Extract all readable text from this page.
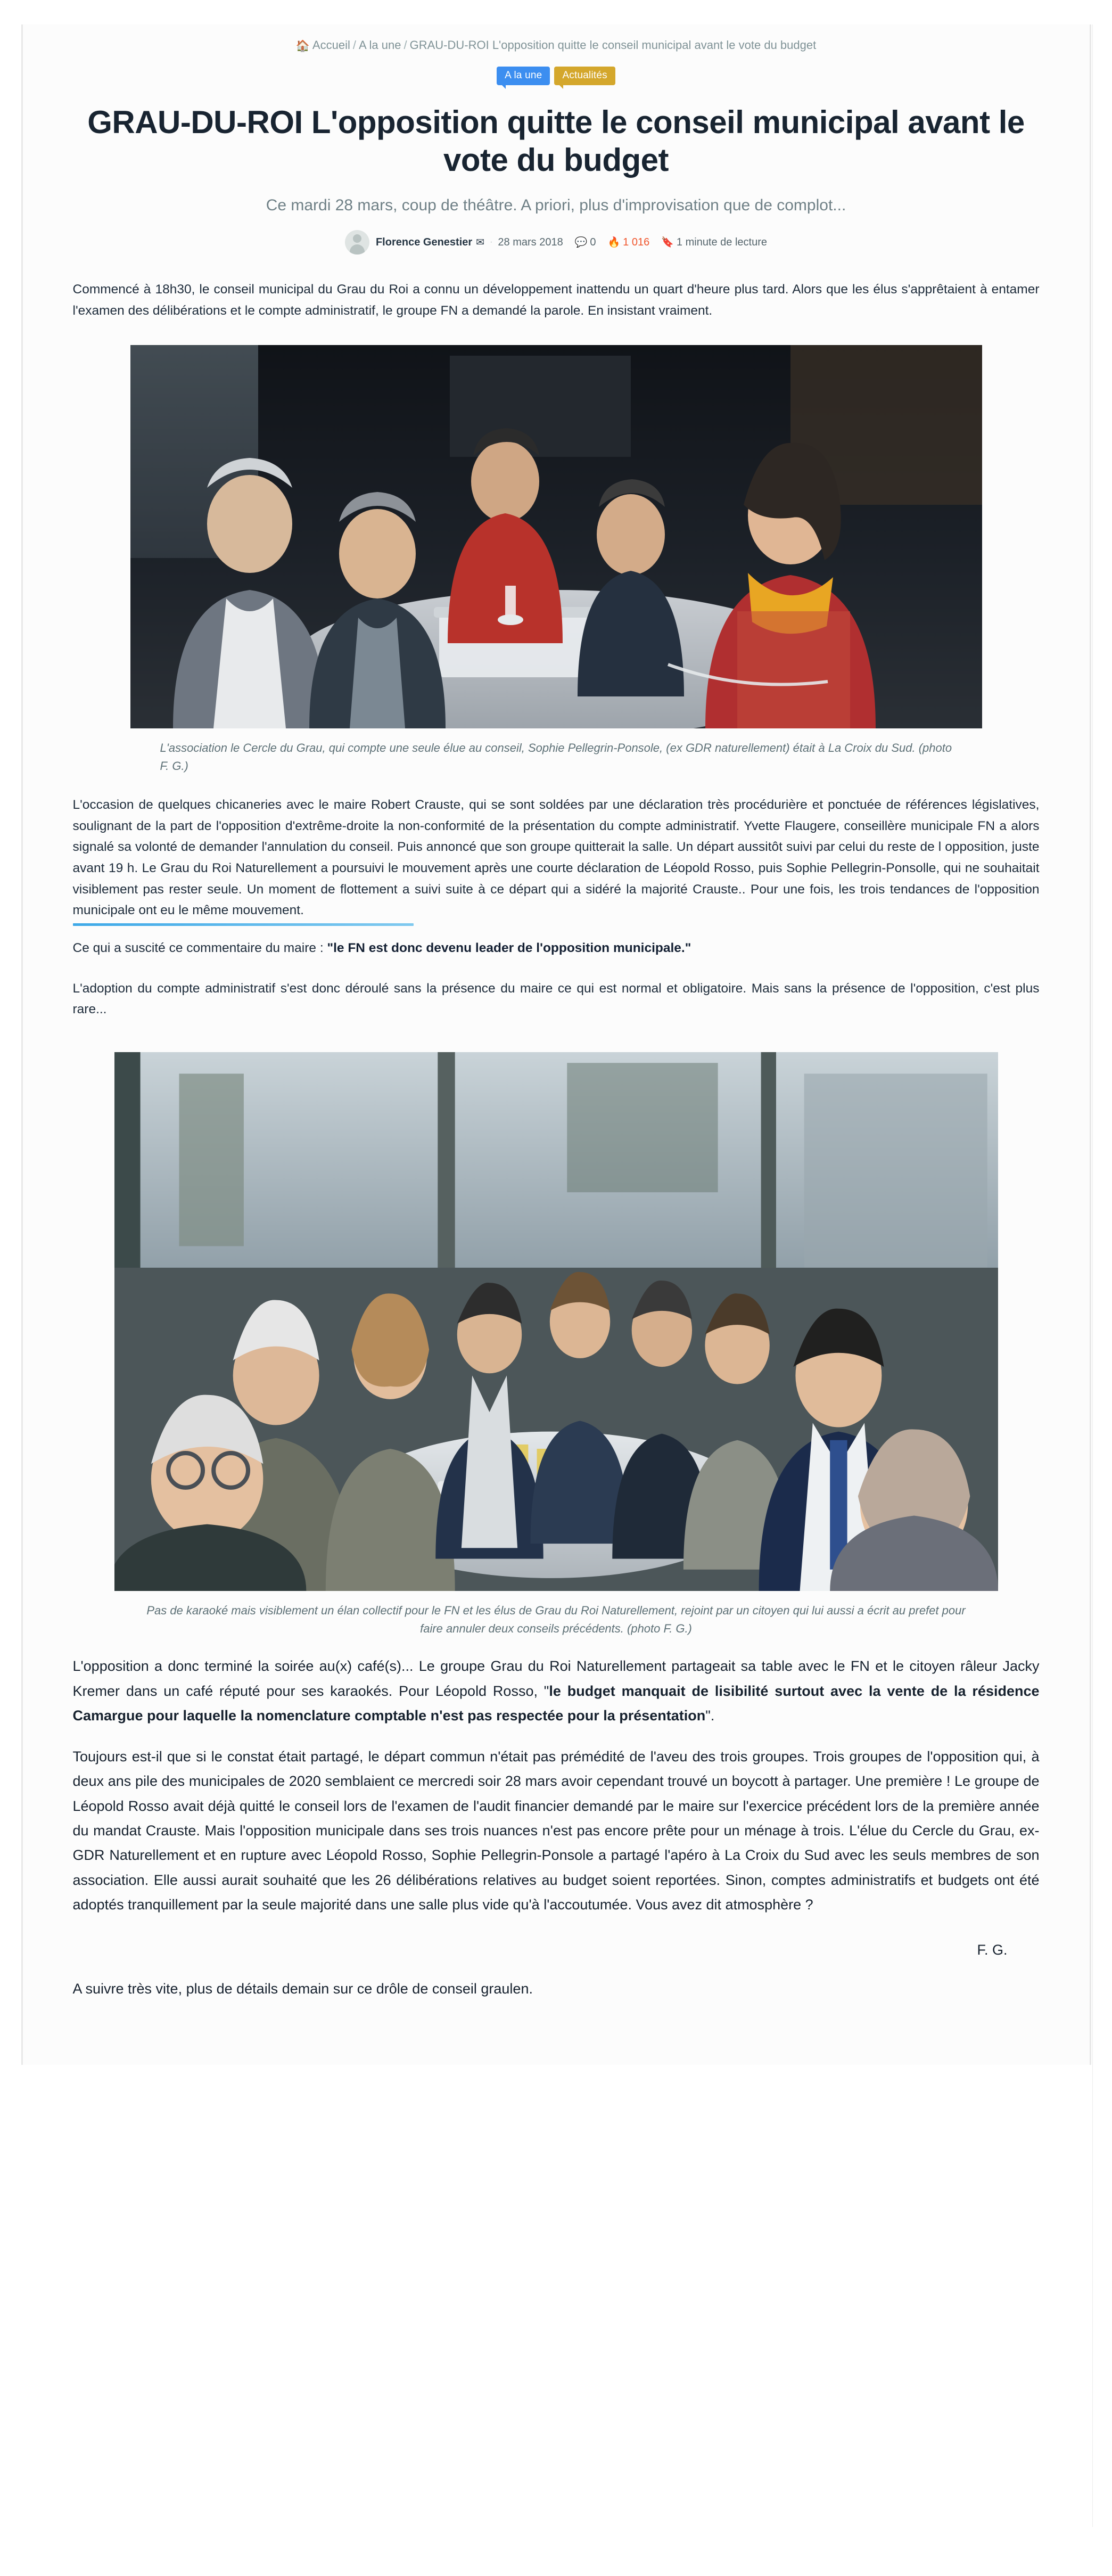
🏠 Accueil / A la une / GRAU-DU-ROI L'opposition quitte le conseil municipal avant le vote du budget
A la une Actualités
GRAU-DU-ROI L'opposition quitte le conseil municipal avant le vote du budget

Ce mardi 28 mars, coup de théâtre. A priori, plus d'improvisation que de complot...

Florence Genestier ✉ · 28 mars 2018 💬 0 🔥 1 016 🔖 1 minute de lecture

Commencé à 18h30, le conseil municipal du Grau du Roi a connu un développement inattendu un quart d'heure plus tard. Alors que les élus s'apprêtaient à entamer l'examen des délibérations et le compte administratif, le groupe FN a demandé la parole. En insistant vraiment.

L'association le Cercle du Grau, qui compte une seule élue au conseil, Sophie Pellegrin-Ponsole, (ex GDR naturellement) était à La Croix du Sud. (photo F. G.)

L'occasion de quelques chicaneries avec le maire Robert Crauste, qui se sont soldées par une déclaration très procédurière et ponctuée de références législatives, soulignant de la part de l'opposition d'extrême-droite la non-conformité de la présentation du compte administratif. Yvette Flaugere, conseillère municipale FN a alors signalé sa volonté de demander l'annulation du conseil. Puis annoncé que son groupe quitterait la salle. Un départ aussitôt suivi par celui du reste de l opposition, juste avant 19 h. Le Grau du Roi Naturellement a poursuivi le mouvement après une courte déclaration de Léopold Rosso, puis Sophie Pellegrin-Ponsolle, qui ne souhaitait visiblement pas rester seule. Un moment de flottement a suivi suite à ce départ qui a sidéré la majorité Crauste.. Pour une fois, les trois tendances de l'opposition municipale ont eu le même mouvement.

Ce qui a suscité ce commentaire du maire : "le FN est donc devenu leader de l'opposition municipale."

L'adoption du compte administratif s'est donc déroulé sans la présence du maire ce qui est normal et obligatoire. Mais sans la présence de l'opposition, c'est plus rare...

Pas de karaoké mais visiblement un élan collectif pour le FN et les élus de Grau du Roi Naturellement, rejoint par un citoyen qui lui aussi a écrit au prefet pour faire annuler deux conseils précédents. (photo F. G.)

L'opposition a donc terminé la soirée au(x) café(s)... Le groupe Grau du Roi Naturellement partageait sa table avec le FN et le citoyen râleur Jacky Kremer dans un café réputé pour ses karaokés. Pour Léopold Rosso, "le budget manquait de lisibilité surtout avec la vente de la résidence Camargue pour laquelle la nomenclature comptable n'est pas respectée pour la présentation".

Toujours est-il que si le constat était partagé, le départ commun n'était pas prémédité de l'aveu des trois groupes. Trois groupes de l'opposition qui, à deux ans pile des municipales de 2020 semblaient ce mercredi soir 28 mars avoir cependant trouvé un boycott à partager. Une première ! Le groupe de Léopold Rosso avait déjà quitté le conseil lors de l'examen de l'audit financier demandé par le maire sur l'exercice précédent lors de la première année du mandat Crauste. Mais l'opposition municipale dans ses trois nuances n'est pas encore prête pour un ménage à trois. L'élue du Cercle du Grau, ex-GDR Naturellement et en rupture avec Léopold Rosso, Sophie Pellegrin-Ponsole a partagé l'apéro à La Croix du Sud avec les seuls membres de son association. Elle aussi aurait souhaité que les 26 délibérations relatives au budget soient reportées. Sinon, comptes administratifs et budgets ont été adoptés tranquillement par la seule majorité dans une salle plus vide qu'à l'accoutumée. Vous avez dit atmosphère ?

F. G.

A suivre très vite, plus de détails demain sur ce drôle de conseil graulen.
